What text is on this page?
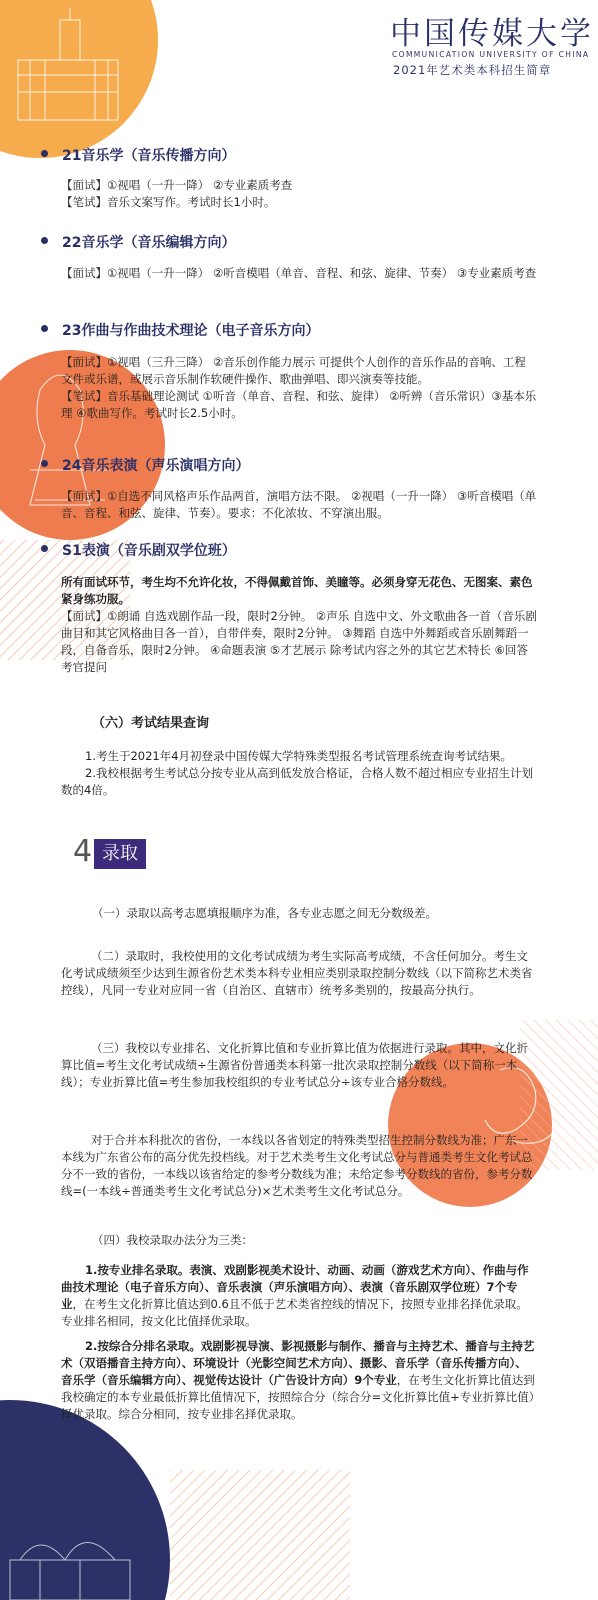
中国传媒大学
COMMUNICATION UNIVERSITY OF CHINA
2021年艺术类本科招生简章
21音乐学（音乐传播方向）

【面试】①视唱（一升一降） ②专业素质考查

【笔试】音乐文案写作。考试时长1小时。

22音乐学（音乐编辑方向）

【面试】①视唱（一升一降） ②听音模唱（单音、音程、和弦、旋律、节奏） ③专业素质考查

23作曲与作曲技术理论（电子音乐方向）

【面试】①视唱（三升三降） ②音乐创作能力展示 可提供个人创作的音乐作品的音响、工程文件或乐谱，或展示音乐制作软硬件操作、歌曲弹唱、即兴演奏等技能。

【笔试】音乐基础理论测试 ①听音（单音、音程、和弦、旋律） ②听辨（音乐常识）③基本乐理 ④歌曲写作。考试时长2.5小时。

24音乐表演（声乐演唱方向）

【面试】①自选不同风格声乐作品两首，演唱方法不限。 ②视唱（一升一降） ③听音模唱（单音、音程、和弦、旋律、节奏）。要求：不化浓妆、不穿演出服。

S1表演（音乐剧双学位班）

所有面试环节，考生均不允许化妆，不得佩戴首饰、美瞳等。必须身穿无花色、无图案、素色紧身练功服。

【面试】①朗诵 自选戏剧作品一段，限时2分钟。 ②声乐 自选中文、外文歌曲各一首（音乐剧曲目和其它风格曲目各一首），自带伴奏，限时2分钟。 ③舞蹈 自选中外舞蹈或音乐剧舞蹈一段，自备音乐，限时2分钟。 ④命题表演 ⑤才艺展示 除考试内容之外的其它艺术特长 ⑥回答考官提问

（六）考试结果查询

1.考生于2021年4月初登录中国传媒大学特殊类型报名考试管理系统查询考试结果。

2.我校根据考生考试总分按专业从高到低发放合格证，合格人数不超过相应专业招生计划数的4倍。

4 录取
（一）录取以高考志愿填报顺序为准，各专业志愿之间无分数级差。

（二）录取时，我校使用的文化考试成绩为考生实际高考成绩，不含任何加分。考生文化考试成绩须至少达到生源省份艺术类本科专业相应类别录取控制分数线（以下简称艺术类省控线），凡同一专业对应同一省（自治区、直辖市）统考多类别的，按最高分执行。

（三）我校以专业排名、文化折算比值和专业折算比值为依据进行录取。其中，文化折算比值=考生文化考试成绩÷生源省份普通类本科第一批次录取控制分数线（以下简称一本线）；专业折算比值=考生参加我校组织的专业考试总分÷该专业合格分数线。

对于合并本科批次的省份，一本线以各省划定的特殊类型招生控制分数线为准；广东一本线为广东省公布的高分优先投档线。对于艺术类考生文化考试总分与普通类考生文化考试总分不一致的省份，一本线以该省给定的参考分数线为准；未给定参考分数线的省份，参考分数线=(一本线÷普通类考生文化考试总分)×艺术类考生文化考试总分。

（四）我校录取办法分为三类：

1.按专业排名录取。表演、戏剧影视美术设计、动画、动画（游戏艺术方向）、作曲与作曲技术理论（电子音乐方向）、音乐表演（声乐演唱方向）、表演（音乐剧双学位班）7个专业，在考生文化折算比值达到0.6且不低于艺术类省控线的情况下，按照专业排名择优录取。专业排名相同，按文化比值择优录取。

2.按综合分排名录取。戏剧影视导演、影视摄影与制作、播音与主持艺术、播音与主持艺术（双语播音主持方向）、环境设计（光影空间艺术方向）、摄影、音乐学（音乐传播方向）、音乐学（音乐编辑方向）、视觉传达设计（广告设计方向）9个专业，在考生文化折算比值达到我校确定的本专业最低折算比值情况下，按照综合分（综合分=文化折算比值+专业折算比值）择优录取。综合分相同，按专业排名择优录取。
